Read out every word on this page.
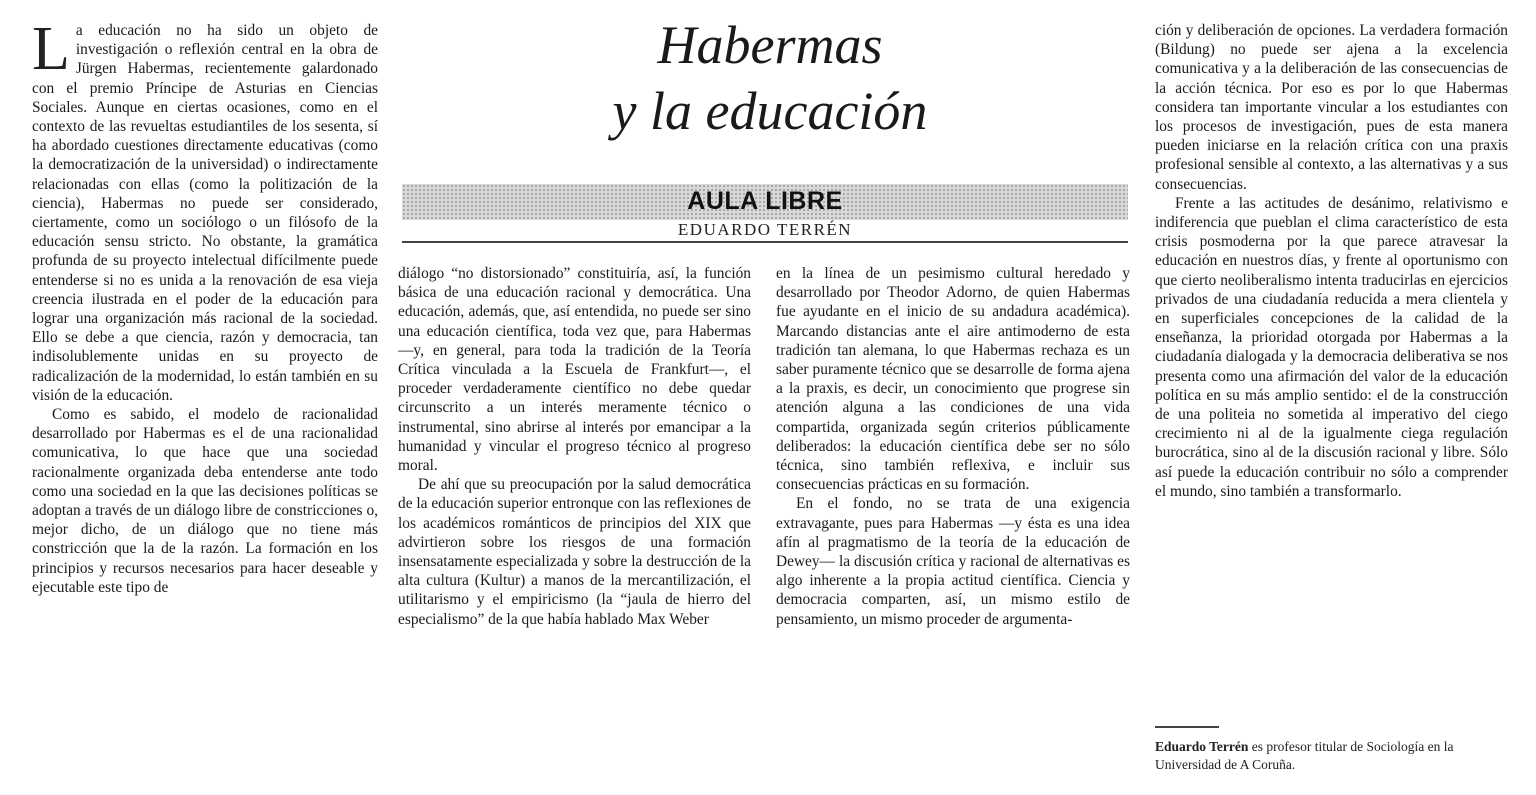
Habermas
y la educación
AULA LIBRE
EDUARDO TERRÉN

La educación no ha sido un objeto de investigación o reflexión central en la obra de Jürgen Habermas, recientemente galardonado con el premio Príncipe de Asturias en Ciencias Sociales. Aunque en ciertas ocasiones, como en el contexto de las revueltas estudiantiles de los sesenta, sí ha abordado cuestiones directamente educativas (como la democratización de la universidad) o indirectamente relacionadas con ellas (como la politización de la ciencia), Habermas no puede ser considerado, ciertamente, como un sociólogo o un filósofo de la educación sensu stricto. No obstante, la gramática profunda de su proyecto intelectual difícilmente puede entenderse si no es unida a la renovación de esa vieja creencia ilustrada en el poder de la educación para lograr una organización más racional de la sociedad. Ello se debe a que ciencia, razón y democracia, tan indisolublemente unidas en su proyecto de radicalización de la modernidad, lo están también en su visión de la educación.

Como es sabido, el modelo de racionalidad desarrollado por Habermas es el de una racionalidad comunicativa, lo que hace que una sociedad racionalmente organizada deba entenderse ante todo como una sociedad en la que las decisiones políticas se adoptan a través de un diálogo libre de constricciones o, mejor dicho, de un diálogo que no tiene más constricción que la de la razón. La formación en los principios y recursos necesarios para hacer deseable y ejecutable este tipo de

diálogo “no distorsionado” constituiría, así, la función básica de una educación racional y democrática. Una educación, además, que, así entendida, no puede ser sino una educación científica, toda vez que, para Habermas —y, en general, para toda la tradición de la Teoría Crítica vinculada a la Escuela de Frankfurt—, el proceder verdaderamente científico no debe quedar circunscrito a un interés meramente técnico o instrumental, sino abrirse al interés por emancipar a la humanidad y vincular el progreso técnico al progreso moral.

De ahí que su preocupación por la salud democrática de la educación superior entronque con las reflexiones de los académicos románticos de principios del XIX que advirtieron sobre los riesgos de una formación insensatamente especializada y sobre la destrucción de la alta cultura (Kultur) a manos de la mercantilización, el utilitarismo y el empiricismo (la “jaula de hierro del especialismo” de la que había hablado Max Weber

en la línea de un pesimismo cultural heredado y desarrollado por Theodor Adorno, de quien Habermas fue ayudante en el inicio de su andadura académica). Marcando distancias ante el aire antimoderno de esta tradición tan alemana, lo que Habermas rechaza es un saber puramente técnico que se desarrolle de forma ajena a la praxis, es decir, un conocimiento que progrese sin atención alguna a las condiciones de una vida compartida, organizada según criterios públicamente deliberados: la educación científica debe ser no sólo técnica, sino también reflexiva, e incluir sus consecuencias prácticas en su formación.

En el fondo, no se trata de una exigencia extravagante, pues para Habermas —y ésta es una idea afín al pragmatismo de la teoría de la educación de Dewey— la discusión crítica y racional de alternativas es algo inherente a la propia actitud científica. Ciencia y democracia comparten, así, un mismo estilo de pensamiento, un mismo proceder de argumenta-

ción y deliberación de opciones. La verdadera formación (Bildung) no puede ser ajena a la excelencia comunicativa y a la deliberación de las consecuencias de la acción técnica. Por eso es por lo que Habermas considera tan importante vincular a los estudiantes con los procesos de investigación, pues de esta manera pueden iniciarse en la relación crítica con una praxis profesional sensible al contexto, a las alternativas y a sus consecuencias.

Frente a las actitudes de desánimo, relativismo e indiferencia que pueblan el clima característico de esta crisis posmoderna por la que parece atravesar la educación en nuestros días, y frente al oportunismo con que cierto neoliberalismo intenta traducirlas en ejercicios privados de una ciudadanía reducida a mera clientela y en superficiales concepciones de la calidad de la enseñanza, la prioridad otorgada por Habermas a la ciudadanía dialogada y la democracia deliberativa se nos presenta como una afirmación del valor de la educación política en su más amplio sentido: el de la construcción de una politeia no sometida al imperativo del ciego crecimiento ni al de la igualmente ciega regulación burocrática, sino al de la discusión racional y libre. Sólo así puede la educación contribuir no sólo a comprender el mundo, sino también a transformarlo.

Eduardo Terrén es profesor titular de Sociología en la Universidad de A Coruña.
